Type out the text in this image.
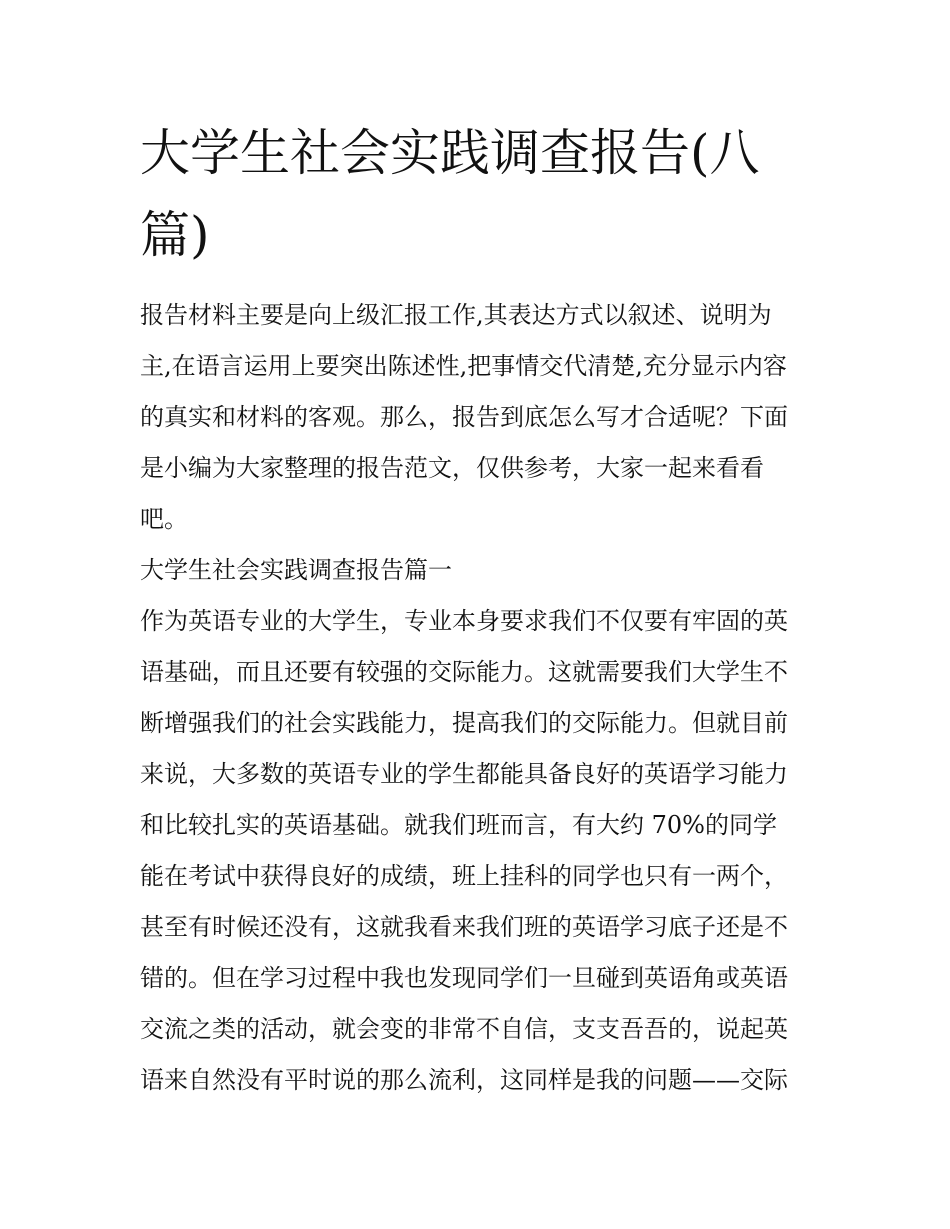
大学生社会实践调查报告(八篇)

报告材料主要是向上级汇报工作,其表达方式以叙述、说明为

主,在语言运用上要突出陈述性,把事情交代清楚,充分显示内容

的真实和材料的客观。那么，报告到底怎么写才合适呢？下面

是小编为大家整理的报告范文，仅供参考，大家一起来看看

吧。

大学生社会实践调查报告篇一

作为英语专业的大学生，专业本身要求我们不仅要有牢固的英

语基础，而且还要有较强的交际能力。这就需要我们大学生不

断增强我们的社会实践能力，提高我们的交际能力。但就目前

来说，大多数的英语专业的学生都能具备良好的英语学习能力

和比较扎实的英语基础。就我们班而言，有大约 70%的同学

能在考试中获得良好的成绩，班上挂科的同学也只有一两个，

甚至有时候还没有，这就我看来我们班的英语学习底子还是不

错的。但在学习过程中我也发现同学们一旦碰到英语角或英语

交流之类的活动，就会变的非常不自信，支支吾吾的，说起英

语来自然没有平时说的那么流利，这同样是我的问题——交际
